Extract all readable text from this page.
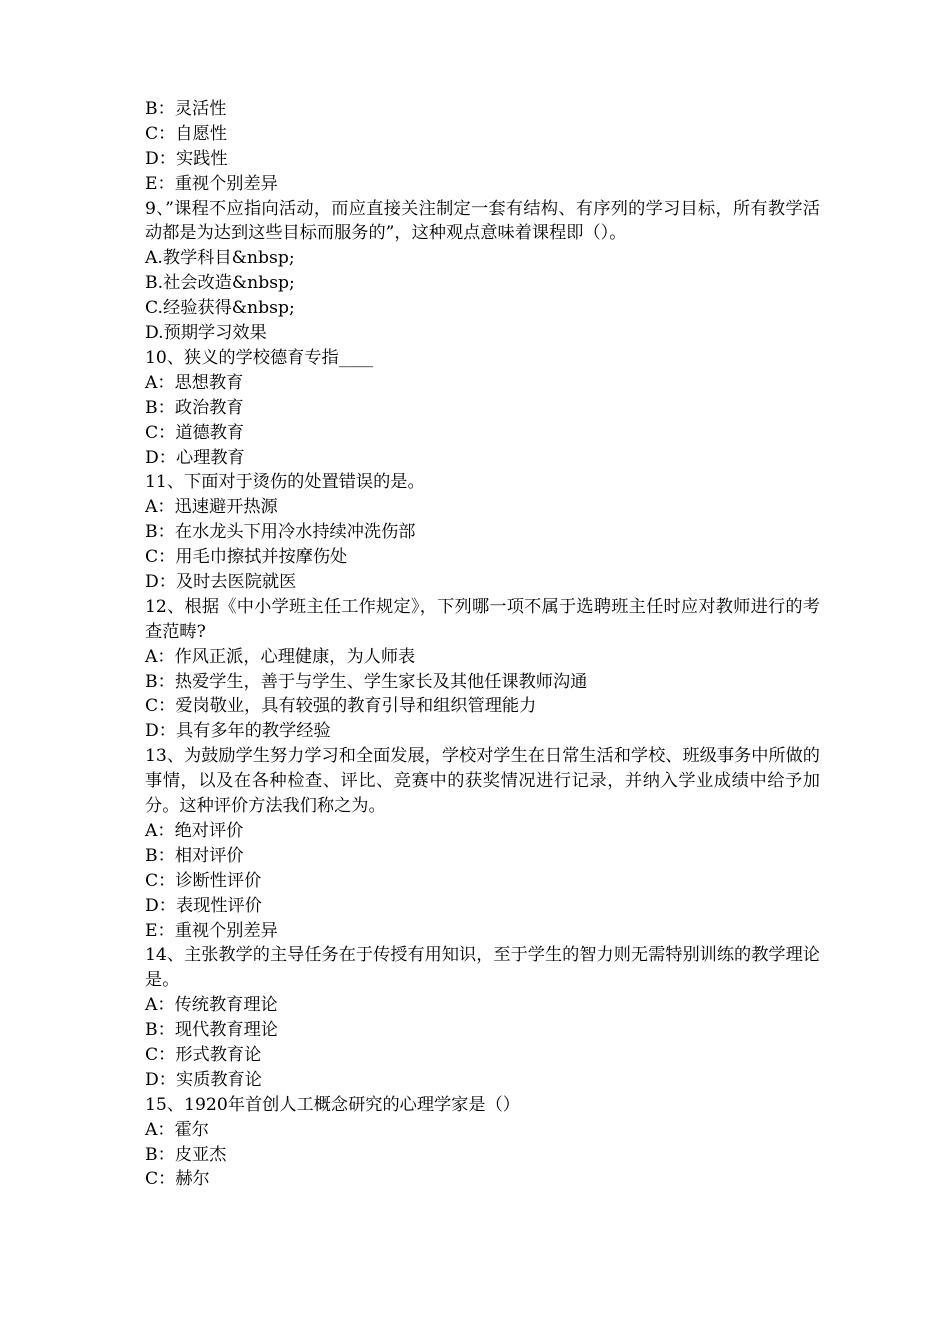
B：灵活性
C：自愿性
D：实践性
E：重视个别差异
9、”课程不应指向活动，而应直接关注制定一套有结构、有序列的学习目标，所有教学活动都是为达到这些目标而服务的”，这种观点意味着课程即（）。
A.教学科目&nbsp;
B.社会改造&nbsp;
C.经验获得&nbsp;
D.预期学习效果
10、狭义的学校德育专指____
A：思想教育
B：政治教育
C：道德教育
D：心理教育
11、下面对于烫伤的处置错误的是。
A：迅速避开热源
B：在水龙头下用冷水持续冲洗伤部
C：用毛巾擦拭并按摩伤处
D：及时去医院就医
12、根据《中小学班主任工作规定》，下列哪一项不属于选聘班主任时应对教师进行的考查范畴?
A：作风正派，心理健康，为人师表
B：热爱学生，善于与学生、学生家长及其他任课教师沟通
C：爱岗敬业，具有较强的教育引导和组织管理能力
D：具有多年的教学经验
13、为鼓励学生努力学习和全面发展，学校对学生在日常生活和学校、班级事务中所做的事情，以及在各种检查、评比、竞赛中的获奖情况进行记录，并纳入学业成绩中给予加分。这种评价方法我们称之为。
A：绝对评价
B：相对评价
C：诊断性评价
D：表现性评价
E：重视个别差异
14、主张教学的主导任务在于传授有用知识，至于学生的智力则无需特别训练的教学理论是。
A：传统教育理论
B：现代教育理论
C：形式教育论
D：实质教育论
15、1920年首创人工概念研究的心理学家是（）
A：霍尔
B：皮亚杰
C：赫尔
